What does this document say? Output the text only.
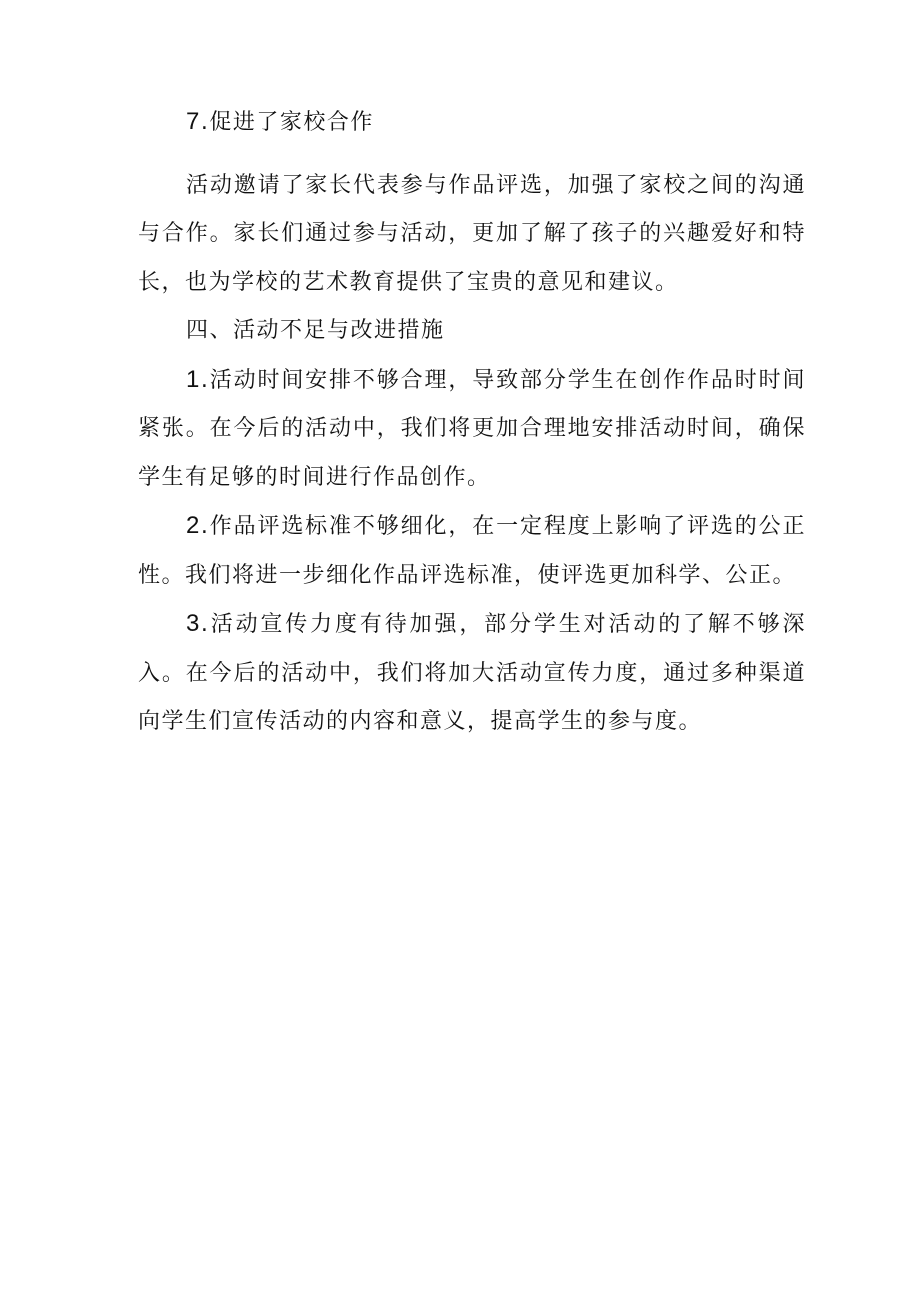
7.促进了家校合作

活动邀请了家长代表参与作品评选，加强了家校之间的沟通与合作。家长们通过参与活动，更加了解了孩子的兴趣爱好和特长，也为学校的艺术教育提供了宝贵的意见和建议。

四、活动不足与改进措施

1.活动时间安排不够合理，导致部分学生在创作作品时时间紧张。在今后的活动中，我们将更加合理地安排活动时间，确保学生有足够的时间进行作品创作。

2.作品评选标准不够细化，在一定程度上影响了评选的公正性。我们将进一步细化作品评选标准，使评选更加科学、公正。

3.活动宣传力度有待加强，部分学生对活动的了解不够深入。在今后的活动中，我们将加大活动宣传力度，通过多种渠道向学生们宣传活动的内容和意义，提高学生的参与度。
